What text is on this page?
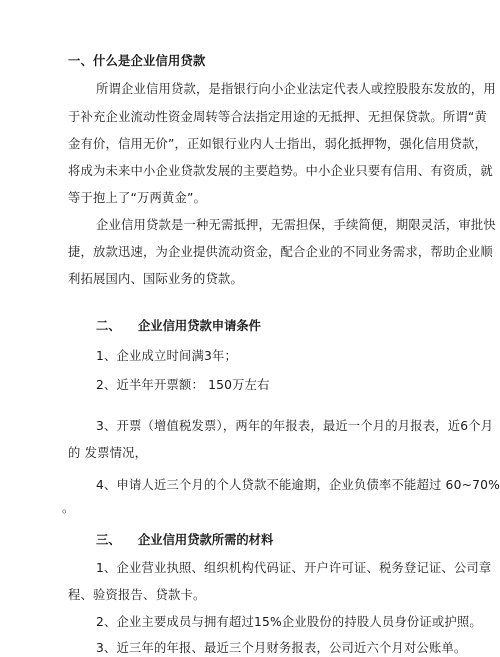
一、什么是企业信用贷款
所谓企业信用贷款，是指银行向小企业法定代表人或控股股东发放的，用
于补充企业流动性资金周转等合法指定用途的无抵押、无担保贷款。所谓“黄
金有价，信用无价”，正如银行业内人士指出，弱化抵押物，强化信用贷款，
将成为未来中小企业贷款发展的主要趋势。中小企业只要有信用、有资质，就
等于抱上了“万两黄金”。
企业信用贷款是一种无需抵押，无需担保，手续简便，期限灵活，审批快
捷，放款迅速，为企业提供流动资金，配合企业的不同业务需求，帮助企业顺
利拓展国内、国际业务的贷款。
二、 企业信用贷款申请条件
1、企业成立时间满3年；
2、近半年开票额： 150万左右
3、开票（增值税发票），两年的年报表，最近一个月的月报表，近6个月
的 发票情况，
4、申请人近三个月的个人贷款不能逾期，企业负债率不能超过 60~70%
。
三、 企业信用贷款所需的材料
1、企业营业执照、组织机构代码证、开户许可证、税务登记证、公司章
程、验资报告、贷款卡。
2、企业主要成员与拥有超过15%企业股份的持股人员身份证或护照。
3、近三年的年报、最近三个月财务报表，公司近六个月对公账单。
